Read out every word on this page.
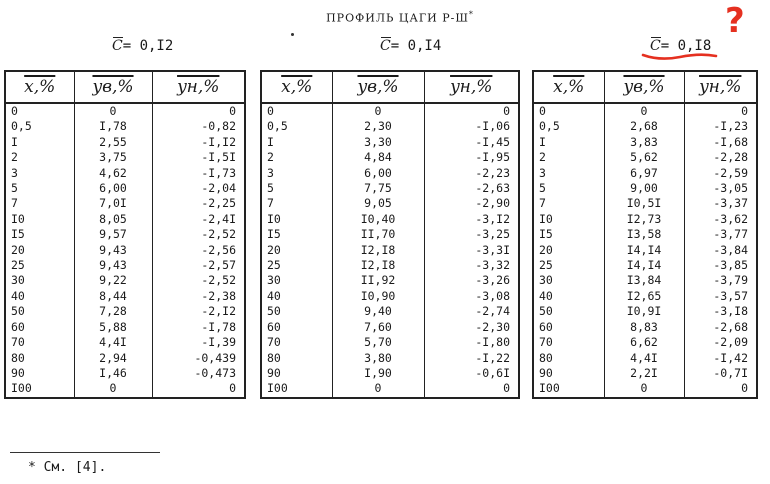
ПРОФИЛЬ ЦАГИ Р-Ш*
C= 0,I2	C= 0,I4	C= 0,I8
?
x,%	yв,%	yн,%
0	0	0
0,5	I,78	-0,82
I	2,55	-I,I2
2	3,75	-I,5I
3	4,62	-I,73
5	6,00	-2,04
7	7,0I	-2,25
I0	8,05	-2,4I
I5	9,57	-2,52
20	9,43	-2,56
25	9,43	-2,57
30	9,22	-2,52
40	8,44	-2,38
50	7,28	-2,I2
60	5,88	-I,78
70	4,4I	-I,39
80	2,94	-0,439
90	I,46	-0,473
I00	0	0
x,%	yв,%	yн,%
0	0	0
0,5	2,30	-I,06
I	3,30	-I,45
2	4,84	-I,95
3	6,00	-2,23
5	7,75	-2,63
7	9,05	-2,90
I0	I0,40	-3,I2
I5	II,70	-3,25
20	I2,I8	-3,3I
25	I2,I8	-3,32
30	II,92	-3,26
40	I0,90	-3,08
50	9,40	-2,74
60	7,60	-2,30
70	5,70	-I,80
80	3,80	-I,22
90	I,90	-0,6I
I00	0	0
x,%	yв,%	yн,%
0	0	0
0,5	2,68	-I,23
I	3,83	-I,68
2	5,62	-2,28
3	6,97	-2,59
5	9,00	-3,05
7	I0,5I	-3,37
I0	I2,73	-3,62
I5	I3,58	-3,77
20	I4,I4	-3,84
25	I4,I4	-3,85
30	I3,84	-3,79
40	I2,65	-3,57
50	I0,9I	-3,I8
60	8,83	-2,68
70	6,62	-2,09
80	4,4I	-I,42
90	2,2I	-0,7I
I00	0	0
* См. [4].
